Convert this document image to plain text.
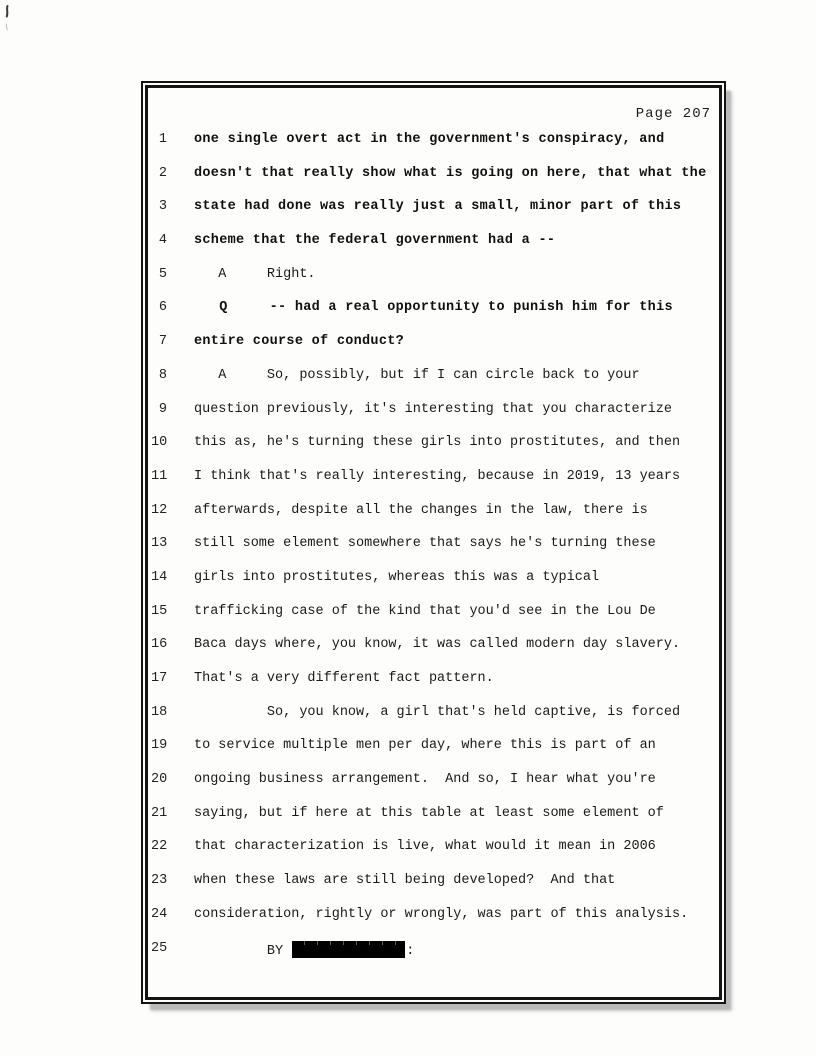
Page 207
1 one single overt act in the government's conspiracy, and
2 doesn't that really show what is going on here, that what the
3 state had done was really just a small, minor part of this
4 scheme that the federal government had a --
5 A     Right.
6 Q     -- had a real opportunity to punish him for this
7 entire course of conduct?
8 A     So, possibly, but if I can circle back to your
9 question previously, it's interesting that you characterize
10 this as, he's turning these girls into prostitutes, and then
11 I think that's really interesting, because in 2019, 13 years
12 afterwards, despite all the changes in the law, there is
13 still some element somewhere that says he's turning these
14 girls into prostitutes, whereas this was a typical
15 trafficking case of the kind that you'd see in the Lou De
16 Baca days where, you know, it was called modern day slavery.
17 That's a very different fact pattern.
18 So, you know, a girl that's held captive, is forced
19 to service multiple men per day, where this is part of an
20 ongoing business arrangement.  And so, I hear what you're
21 saying, but if here at this table at least some element of
22 that characterization is live, what would it mean in 2006
23 when these laws are still being developed?  And that
24 consideration, rightly or wrongly, was part of this analysis.
25 BY	:
